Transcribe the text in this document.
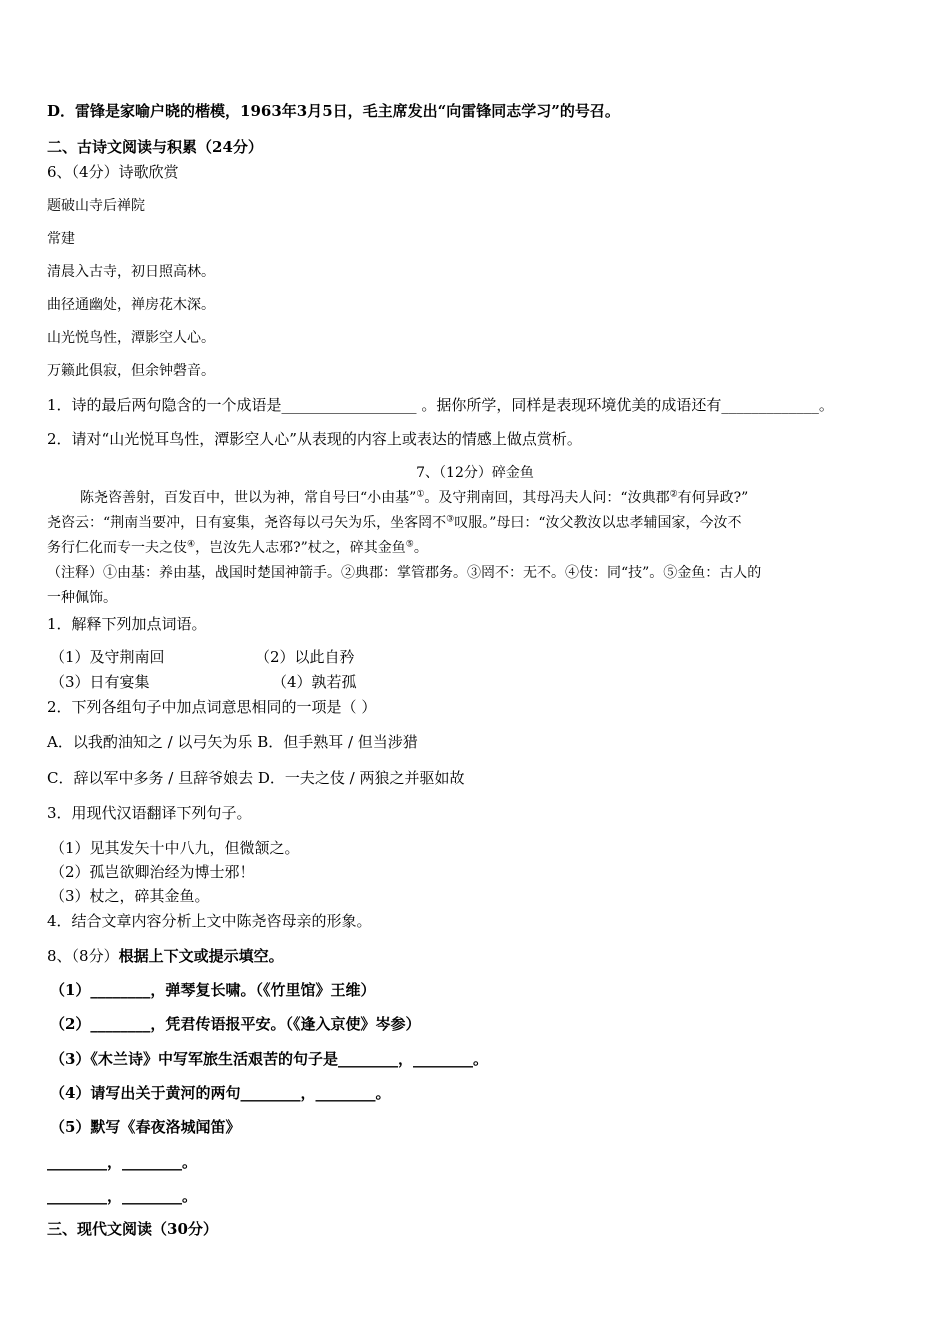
D．雷锋是家喻户晓的楷模，1963年3月5日，毛主席发出“向雷锋同志学习”的号召。
二、古诗文阅读与积累（24分）
6、（4分）诗歌欣赏
题破山寺后禅院
常建
清晨入古寺，初日照高林。
曲径通幽处，禅房花木深。
山光悦鸟性，潭影空人心。
万籁此俱寂，但余钟磬音。
1．诗的最后两句隐含的一个成语是__________________ 。据你所学，同样是表现环境优美的成语还有_____________。
2．请对“山光悦耳鸟性，潭影空人心”从表现的内容上或表达的情感上做点赏析。
7、（12分）碎金鱼
陈尧咨善射，百发百中，世以为神，常自号曰“小由基”①。及守荆南回，其母冯夫人问：“汝典郡②有何异政?”
尧咨云：“荆南当要冲，日有宴集，尧咨每以弓矢为乐，坐客罔不③叹服。”母曰：“汝父教汝以忠孝辅国家，今汝不
务行仁化而专一夫之伎④，岂汝先人志邪?”杖之，碎其金鱼⑤。
（注释）①由基：养由基，战国时楚国神箭手。②典郡：掌管郡务。③罔不：无不。④伎：同“技”。⑤金鱼：古人的
一种佩饰。
1．解释下列加点词语。
（1）及守荆南回	（2）以此自矜
（3）日有宴集	（4）孰若孤
2．下列各组句子中加点词意思相同的一项是（ ）
A．以我酌油知之 / 以弓矢为乐 B．但手熟耳 / 但当涉猎
C．辞以军中多务 / 旦辞爷娘去 D．一夫之伎 / 两狼之并驱如故
3．用现代汉语翻译下列句子。
（1）见其发矢十中八九，但微颔之。
（2）孤岂欲卿治经为博士邪！
（3）杖之，碎其金鱼。
4．结合文章内容分析上文中陈尧咨母亲的形象。
8、（8分）根据上下文或提示填空。
（1）________，弹琴复长啸。（《竹里馆》王维）
（2）________，凭君传语报平安。（《逢入京使》岑参）
（3）《木兰诗》中写军旅生活艰苦的句子是________，________。
（4）请写出关于黄河的两句________，________。
（5）默写《春夜洛城闻笛》
________，________。
________，________。
三、现代文阅读（30分）
